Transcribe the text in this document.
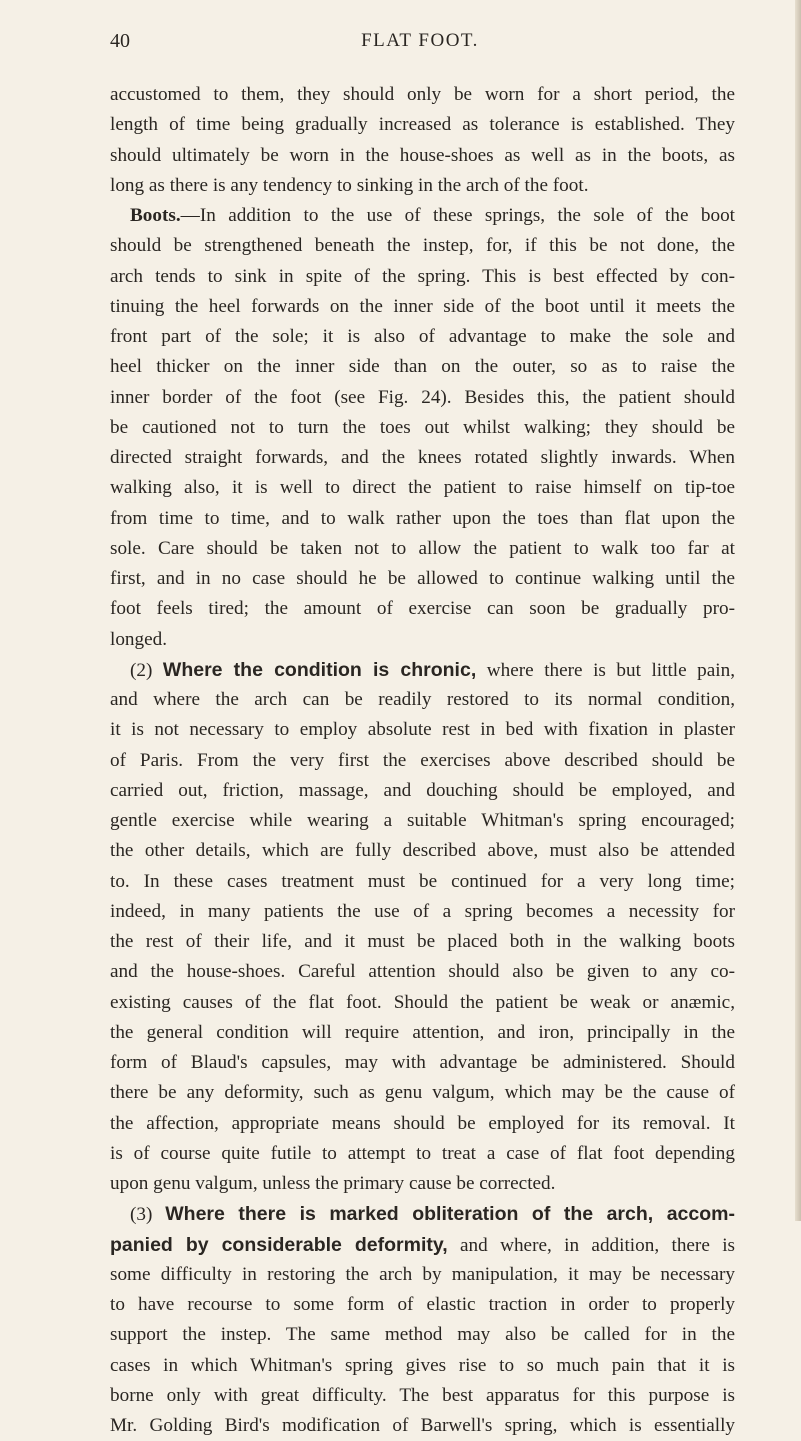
40	FLAT FOOT.
accustomed to them, they should only be worn for a short period, the
length of time being gradually increased as tolerance is established. They
should ultimately be worn in the house-shoes as well as in the boots, as
long as there is any tendency to sinking in the arch of the foot.
Boots.—In addition to the use of these springs, the sole of the boot
should be strengthened beneath the instep, for, if this be not done, the
arch tends to sink in spite of the spring. This is best effected by con-
tinuing the heel forwards on the inner side of the boot until it meets the
front part of the sole; it is also of advantage to make the sole and
heel thicker on the inner side than on the outer, so as to raise the
inner border of the foot (see Fig. 24). Besides this, the patient should
be cautioned not to turn the toes out whilst walking; they should be
directed straight forwards, and the knees rotated slightly inwards. When
walking also, it is well to direct the patient to raise himself on tip-toe
from time to time, and to walk rather upon the toes than flat upon the
sole. Care should be taken not to allow the patient to walk too far at
first, and in no case should he be allowed to continue walking until the
foot feels tired; the amount of exercise can soon be gradually pro-
longed.
(2) Where the condition is chronic, where there is but little pain,
and where the arch can be readily restored to its normal condition,
it is not necessary to employ absolute rest in bed with fixation in plaster
of Paris. From the very first the exercises above described should be
carried out, friction, massage, and douching should be employed, and
gentle exercise while wearing a suitable Whitman's spring encouraged;
the other details, which are fully described above, must also be attended
to. In these cases treatment must be continued for a very long time;
indeed, in many patients the use of a spring becomes a necessity for
the rest of their life, and it must be placed both in the walking boots
and the house-shoes. Careful attention should also be given to any co-
existing causes of the flat foot. Should the patient be weak or anæmic,
the general condition will require attention, and iron, principally in the
form of Blaud's capsules, may with advantage be administered. Should
there be any deformity, such as genu valgum, which may be the cause of
the affection, appropriate means should be employed for its removal. It
is of course quite futile to attempt to treat a case of flat foot depending
upon genu valgum, unless the primary cause be corrected.
(3) Where there is marked obliteration of the arch, accom-
panied by considerable deformity, and where, in addition, there is
some difficulty in restoring the arch by manipulation, it may be necessary
to have recourse to some form of elastic traction in order to properly
support the instep. The same method may also be called for in the
cases in which Whitman's spring gives rise to so much pain that it is
borne only with great difficulty. The best apparatus for this purpose is
Mr. Golding Bird's modification of Barwell's spring, which is essentially
